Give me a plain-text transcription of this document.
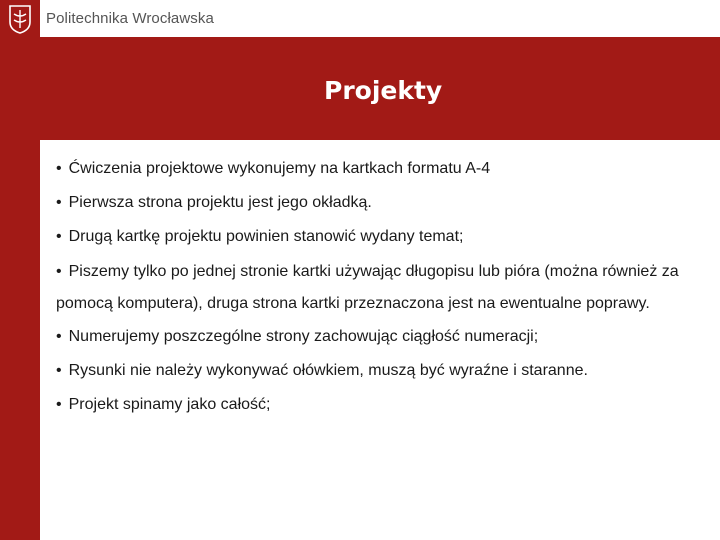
Politechnika Wrocławska
Projekty
• Ćwiczenia projektowe wykonujemy na kartkach formatu A-4
• Pierwsza strona projektu jest jego okładką.
• Drugą kartkę projektu powinien stanowić wydany temat;
• Piszemy tylko po jednej stronie kartki używając długopisu lub pióra (można również za pomocą komputera), druga strona kartki przeznaczona jest na ewentualne poprawy.
• Numerujemy poszczególne strony zachowując ciągłość numeracji;
• Rysunki nie należy wykonywać ołówkiem, muszą być wyraźne i staranne.
• Projekt spinamy jako całość;
